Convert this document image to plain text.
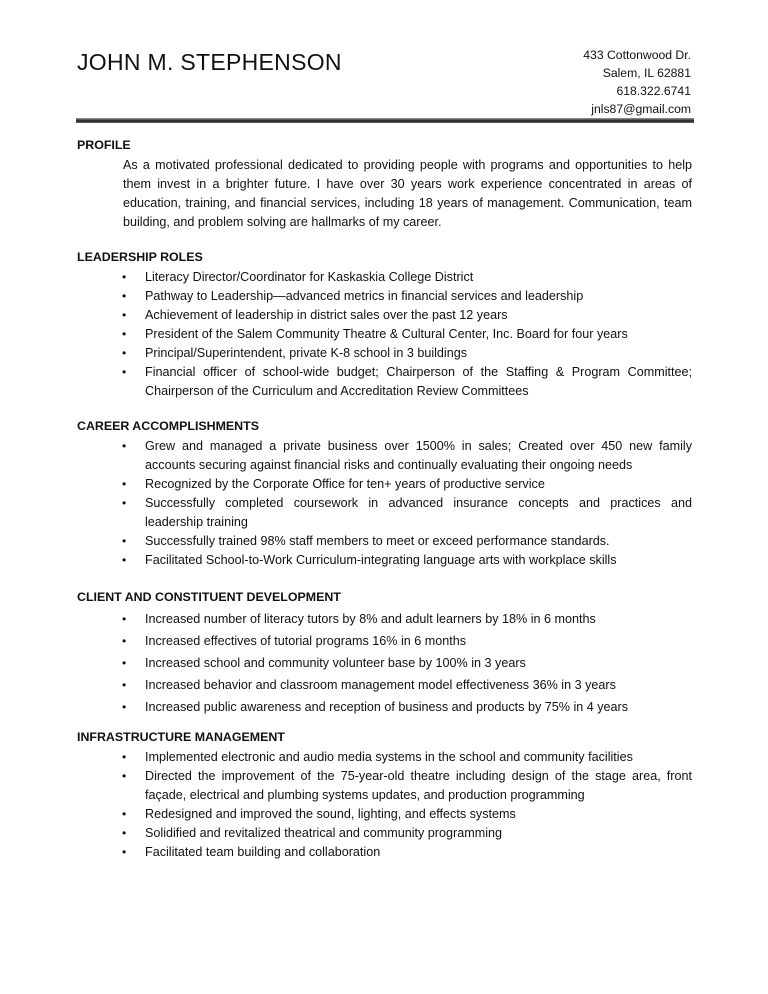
JOHN M. STEPHENSON	433 Cottonwood Dr.
Salem, IL 62881
618.322.6741
jnls87@gmail.com
PROFILE
As a motivated professional dedicated to providing people with programs and opportunities to help them invest in a brighter future. I have over 30 years work experience concentrated in areas of education, training, and financial services, including 18 years of management. Communication, team building, and problem solving are hallmarks of my career.
LEADERSHIP ROLES
• Literacy Director/Coordinator for Kaskaskia College District
• Pathway to Leadership—advanced metrics in financial services and leadership
• Achievement of leadership in district sales over the past 12 years
• President of the Salem Community Theatre & Cultural Center, Inc. Board for four years
• Principal/Superintendent, private K-8 school in 3 buildings
• Financial officer of school-wide budget; Chairperson of the Staffing & Program Committee; Chairperson of the Curriculum and Accreditation Review Committees
CAREER ACCOMPLISHMENTS
• Grew and managed a private business over 1500% in sales; Created over 450 new family accounts securing against financial risks and continually evaluating their ongoing needs
• Recognized by the Corporate Office for ten+ years of productive service
• Successfully completed coursework in advanced insurance concepts and practices and leadership training
• Successfully trained 98% staff members to meet or exceed performance standards.
• Facilitated School-to-Work Curriculum-integrating language arts with workplace skills
CLIENT AND CONSTITUENT DEVELOPMENT
• Increased number of literacy tutors by 8% and adult learners by 18% in 6 months
• Increased effectives of tutorial programs 16% in 6 months
• Increased school and community volunteer base by 100% in 3 years
• Increased behavior and classroom management model effectiveness 36% in 3 years
• Increased public awareness and reception of business and products by 75% in 4 years
INFRASTRUCTURE MANAGEMENT
• Implemented electronic and audio media systems in the school and community facilities
• Directed the improvement of the 75-year-old theatre including design of the stage area, front façade, electrical and plumbing systems updates, and production programming
• Redesigned and improved the sound, lighting, and effects systems
• Solidified and revitalized theatrical and community programming
• Facilitated team building and collaboration
